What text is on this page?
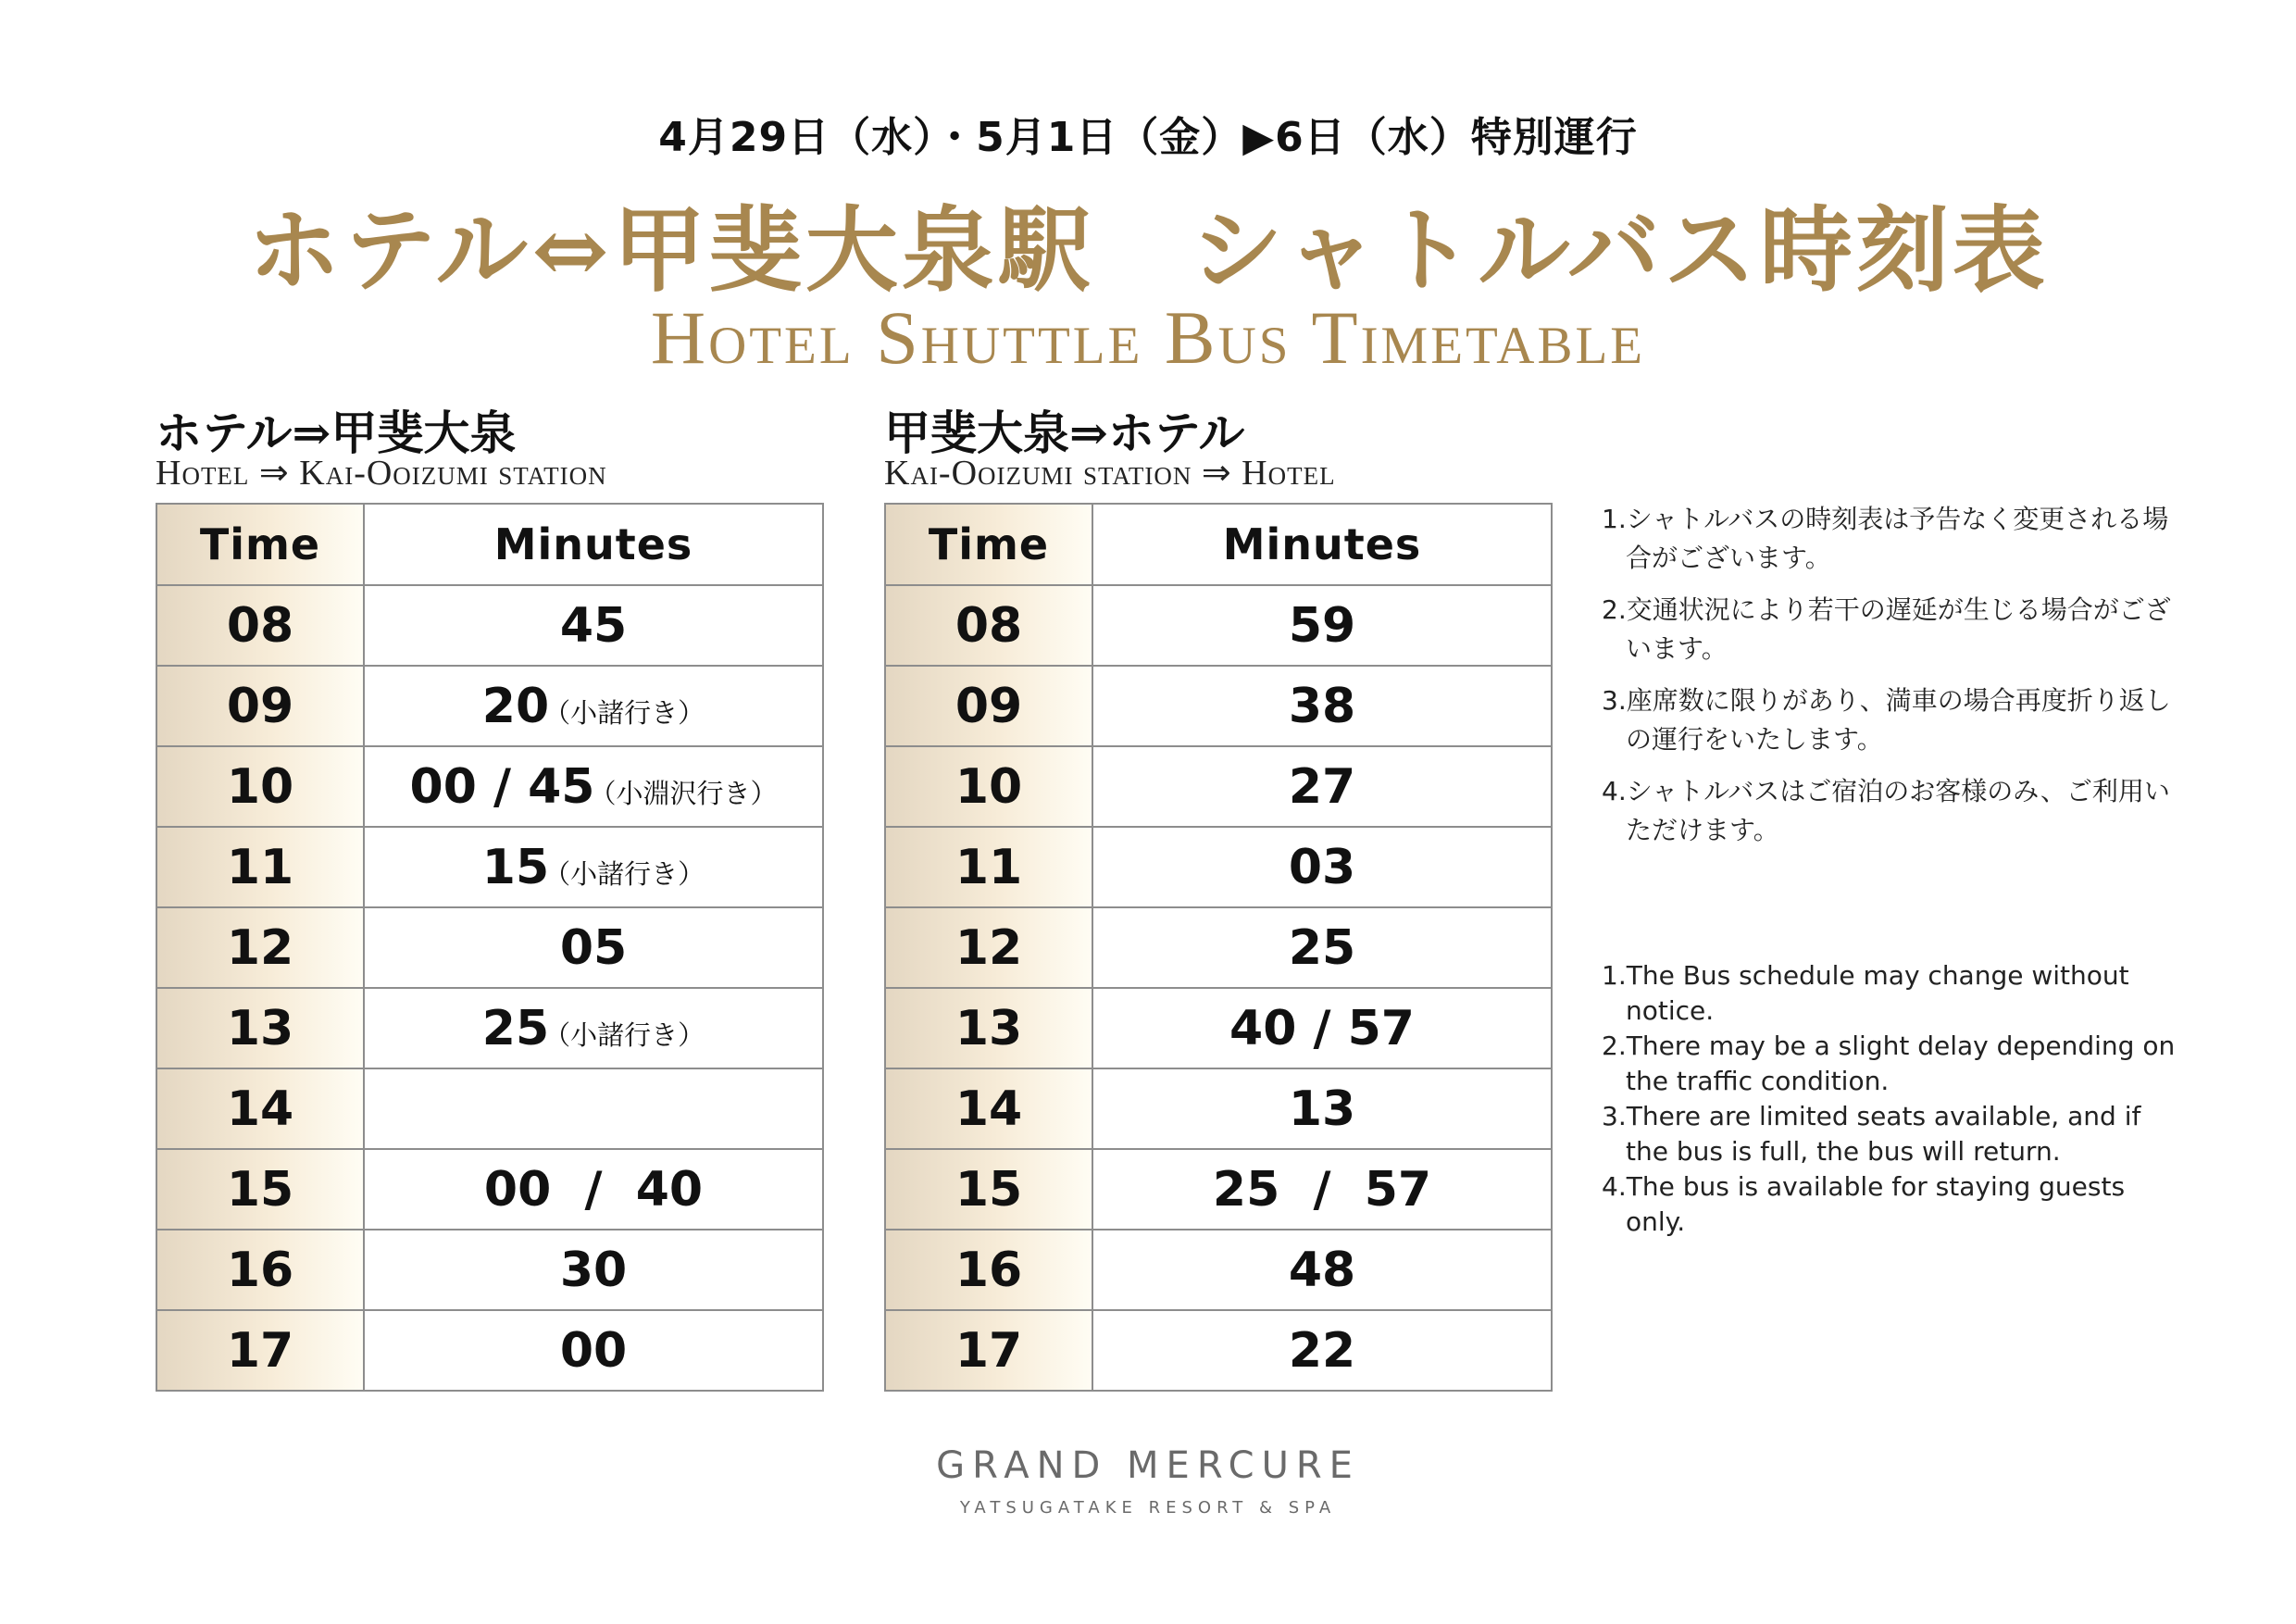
4月29日（水）・5月1日（金）▶6日（水）特別運行
ホテル⇔甲斐大泉駅　シャトルバス時刻表
Hotel Shuttle Bus Timetable
ホテル⇒甲斐大泉
Hotel ⇒ Kai-Ooizumi station
Time	Minutes
08	45
09	20（小諸行き）
10	00 / 45（小淵沢行き）
11	15（小諸行き）
12	05
13	25（小諸行き）
14	
15	00  /  40
16	30
17	00
甲斐大泉⇒ホテル
Kai-Ooizumi station ⇒ Hotel
Time	Minutes
08	59
09	38
10	27
11	03
12	25
13	40 / 57
14	13
15	25  /  57
16	48
17	22
1.シャトルバスの時刻表は予告なく変更される場合がございます。
2.交通状況により若干の遅延が生じる場合がございます。
3.座席数に限りがあり、満車の場合再度折り返しの運行をいたします。
4.シャトルバスはご宿泊のお客様のみ、ご利用いただけます。
1.The Bus schedule may change without notice.
2.There may be a slight delay depending on the traffic condition.
3.There are limited seats available, and if the bus is full, the bus will return.
4.The bus is available for staying guests only.
GRAND MERCURE
YATSUGATAKE RESORT & SPA
